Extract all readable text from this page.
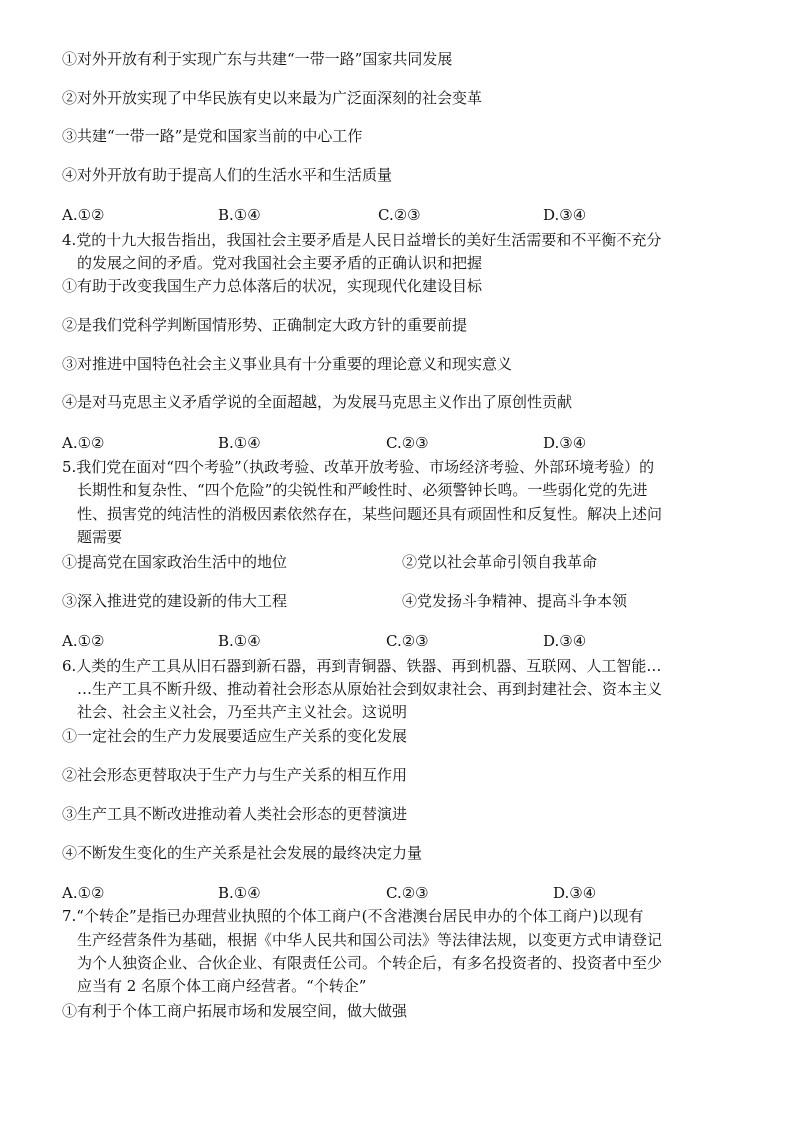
①对外开放有利于实现广东与共建“一带一路”国家共同发展
②对外开放实现了中华民族有史以来最为广泛面深刻的社会变革
③共建“一带一路”是党和国家当前的中心工作
④对外开放有助于提高人们的生活水平和生活质量
A.①②	B.①④	C.②③	D.③④
4.党的十九大报告指出，我国社会主要矛盾是人民日益增长的美好生活需要和不平衡不充分
的发展之间的矛盾。党对我国社会主要矛盾的正确认识和把握
①有助于改变我国生产力总体落后的状况，实现现代化建设目标
②是我们党科学判断国情形势、正确制定大政方针的重要前提
③对推进中国特色社会主义事业具有十分重要的理论意义和现实意义
④是对马克思主义矛盾学说的全面超越，为发展马克思主义作出了原创性贡献
A.①②	B.①④	C.②③	D.③④
5.我们党在面对“四个考验”（执政考验、改革开放考验、市场经济考验、外部环境考验）的
长期性和复杂性、“四个危险”的尖锐性和严峻性时、必须警钟长鸣。一些弱化党的先进
性、损害党的纯洁性的消极因素依然存在，某些问题还具有顽固性和反复性。解决上述问
题需要
①提高党在国家政治生活中的地位	②党以社会革命引领自我革命
③深入推进党的建设新的伟大工程	④党发扬斗争精神、提高斗争本领
A.①②	B.①④	C.②③	D.③④
6.人类的生产工具从旧石器到新石器，再到青铜器、铁器、再到机器、互联网、人工智能…
…生产工具不断升级、推动着社会形态从原始社会到奴隶社会、再到封建社会、资本主义
社会、社会主义社会，乃至共产主义社会。这说明
①一定社会的生产力发展要适应生产关系的变化发展
②社会形态更替取决于生产力与生产关系的相互作用
③生产工具不断改进推动着人类社会形态的更替演进
④不断发生变化的生产关系是社会发展的最终决定力量
A.①②	B.①④	C.②③	D.③④
7.“个转企”是指已办理营业执照的个体工商户(不含港澳台居民申办的个体工商户)以现有
生产经营条件为基础，根据《中华人民共和国公司法》等法律法规，以变更方式申请登记
为个人独资企业、合伙企业、有限责任公司。个转企后，有多名投资者的、投资者中至少
应当有 2 名原个体工商户经营者。“个转企”
①有利于个体工商户拓展市场和发展空间，做大做强
